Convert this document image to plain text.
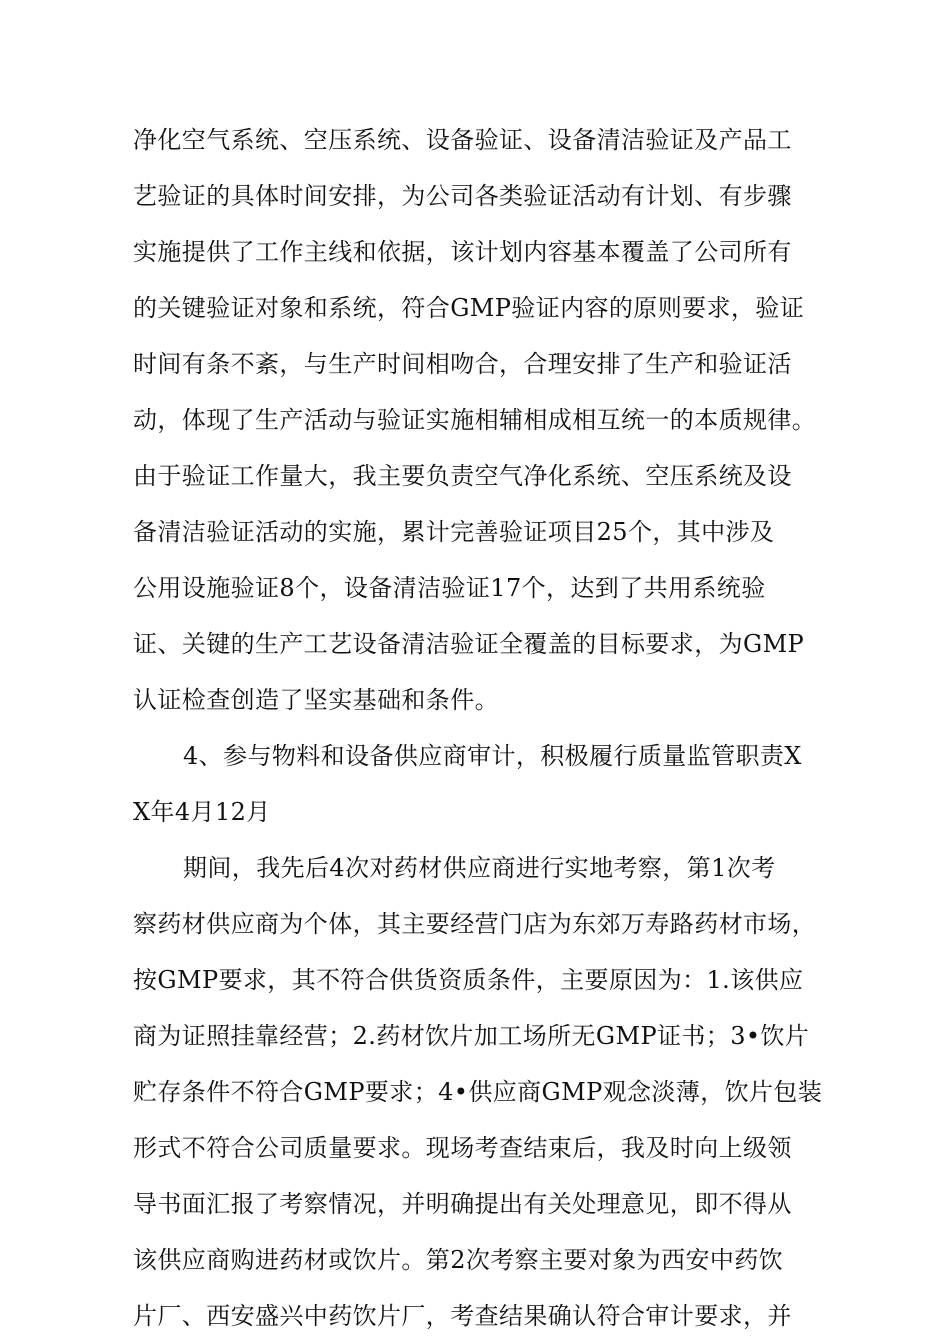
净化空气系统、空压系统、设备验证、设备清洁验证及产品工
艺验证的具体时间安排，为公司各类验证活动有计划、有步骤
实施提供了工作主线和依据，该计划内容基本覆盖了公司所有
的关键验证对象和系统，符合GMP验证内容的原则要求，验证
时间有条不紊，与生产时间相吻合，合理安排了生产和验证活
动，体现了生产活动与验证实施相辅相成相互统一的本质规律。
由于验证工作量大，我主要负责空气净化系统、空压系统及设
备清洁验证活动的实施，累计完善验证项目25个，其中涉及
公用设施验证8个，设备清洁验证17个，达到了共用系统验
证、关键的生产工艺设备清洁验证全覆盖的目标要求，为GMP
认证检查创造了坚实基础和条件。
4、参与物料和设备供应商审计，积极履行质量监管职责X
X年4月12月
期间，我先后4次对药材供应商进行实地考察，第1次考
察药材供应商为个体，其主要经营门店为东郊万寿路药材市场，
按GMP要求，其不符合供货资质条件，主要原因为：1.该供应
商为证照挂靠经营；2.药材饮片加工场所无GMP证书；3•饮片
贮存条件不符合GMP要求；4•供应商GMP观念淡薄，饮片包装
形式不符合公司质量要求。现场考查结束后，我及时向上级领
导书面汇报了考察情况，并明确提出有关处理意见，即不得从
该供应商购进药材或饮片。第2次考察主要对象为西安中药饮
片厂、西安盛兴中药饮片厂，考查结果确认符合审计要求，并
